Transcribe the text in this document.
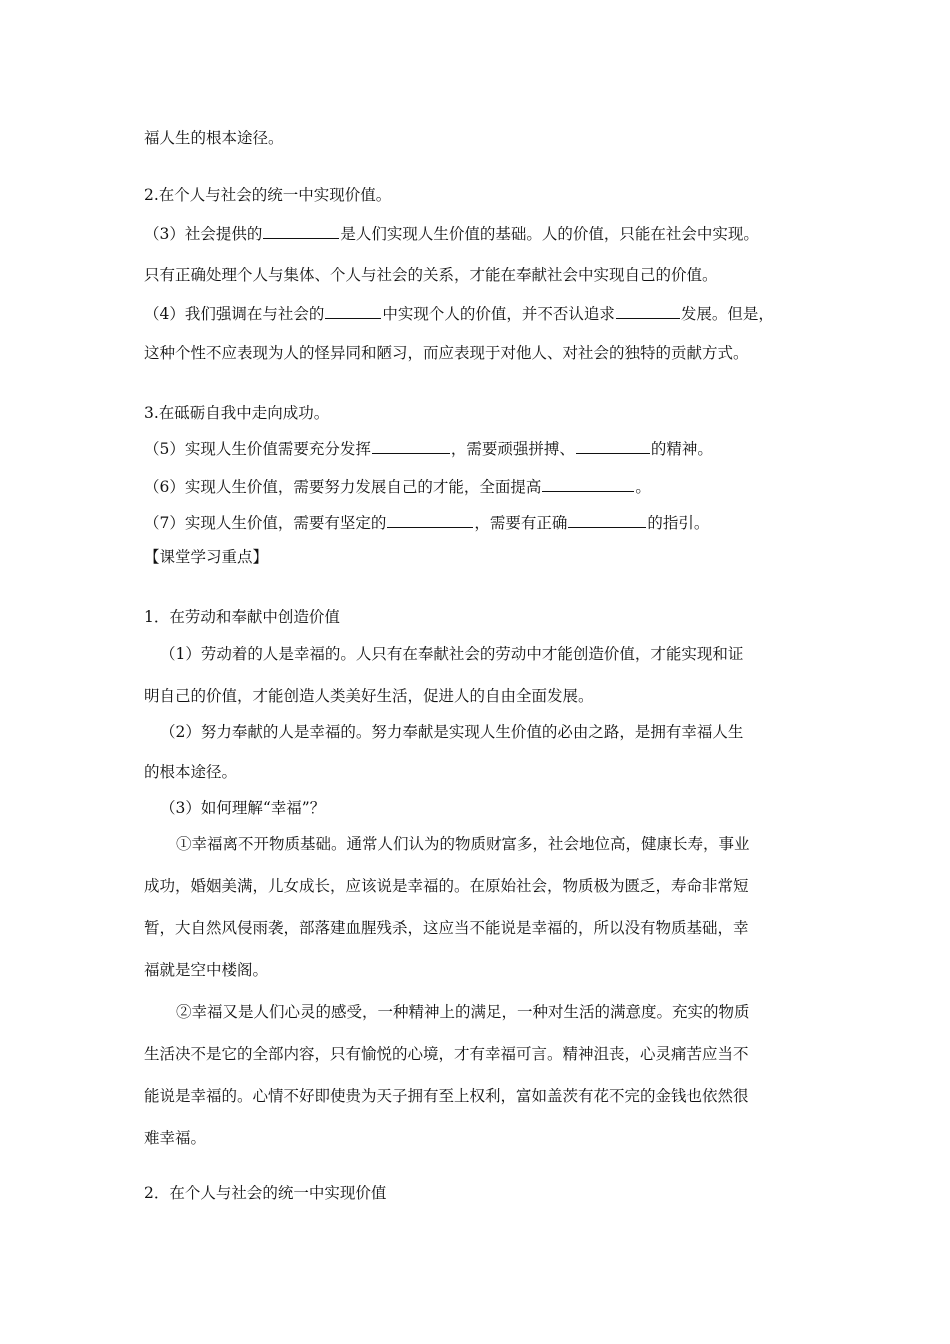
福人生的根本途径。
2.在个人与社会的统一中实现价值。
（3）社会提供的	是人们实现人生价值的基础。人的价值，只能在社会中实现。
只有正确处理个人与集体、个人与社会的关系，才能在奉献社会中实现自己的价值。
（4）我们强调在与社会的	中实现个人的价值，并不否认追求	发展。但是，
这种个性不应表现为人的怪异同和陋习，而应表现于对他人、对社会的独特的贡献方式。
3.在砥砺自我中走向成功。
（5）实现人生价值需要充分发挥	，需要顽强拼搏、	的精神。
（6）实现人生价值，需要努力发展自己的才能，全面提高	。
（7）实现人生价值，需要有坚定的	，需要有正确	的指引。
【课堂学习重点】
1．在劳动和奉献中创造价值
（1）劳动着的人是幸福的。人只有在奉献社会的劳动中才能创造价值，才能实现和证
明自己的价值，才能创造人类美好生活，促进人的自由全面发展。
（2）努力奉献的人是幸福的。努力奉献是实现人生价值的必由之路，是拥有幸福人生
的根本途径。
（3）如何理解“幸福”？
①幸福离不开物质基础。通常人们认为的物质财富多，社会地位高，健康长寿，事业
成功，婚姻美满，儿女成长，应该说是幸福的。在原始社会，物质极为匮乏，寿命非常短
暂，大自然风侵雨袭，部落建血腥残杀，这应当不能说是幸福的，所以没有物质基础，幸
福就是空中楼阁。
②幸福又是人们心灵的感受，一种精神上的满足，一种对生活的满意度。充实的物质
生活决不是它的全部内容，只有愉悦的心境，才有幸福可言。精神沮丧，心灵痛苦应当不
能说是幸福的。心情不好即使贵为天子拥有至上权利，富如盖茨有花不完的金钱也依然很
难幸福。
2．在个人与社会的统一中实现价值
